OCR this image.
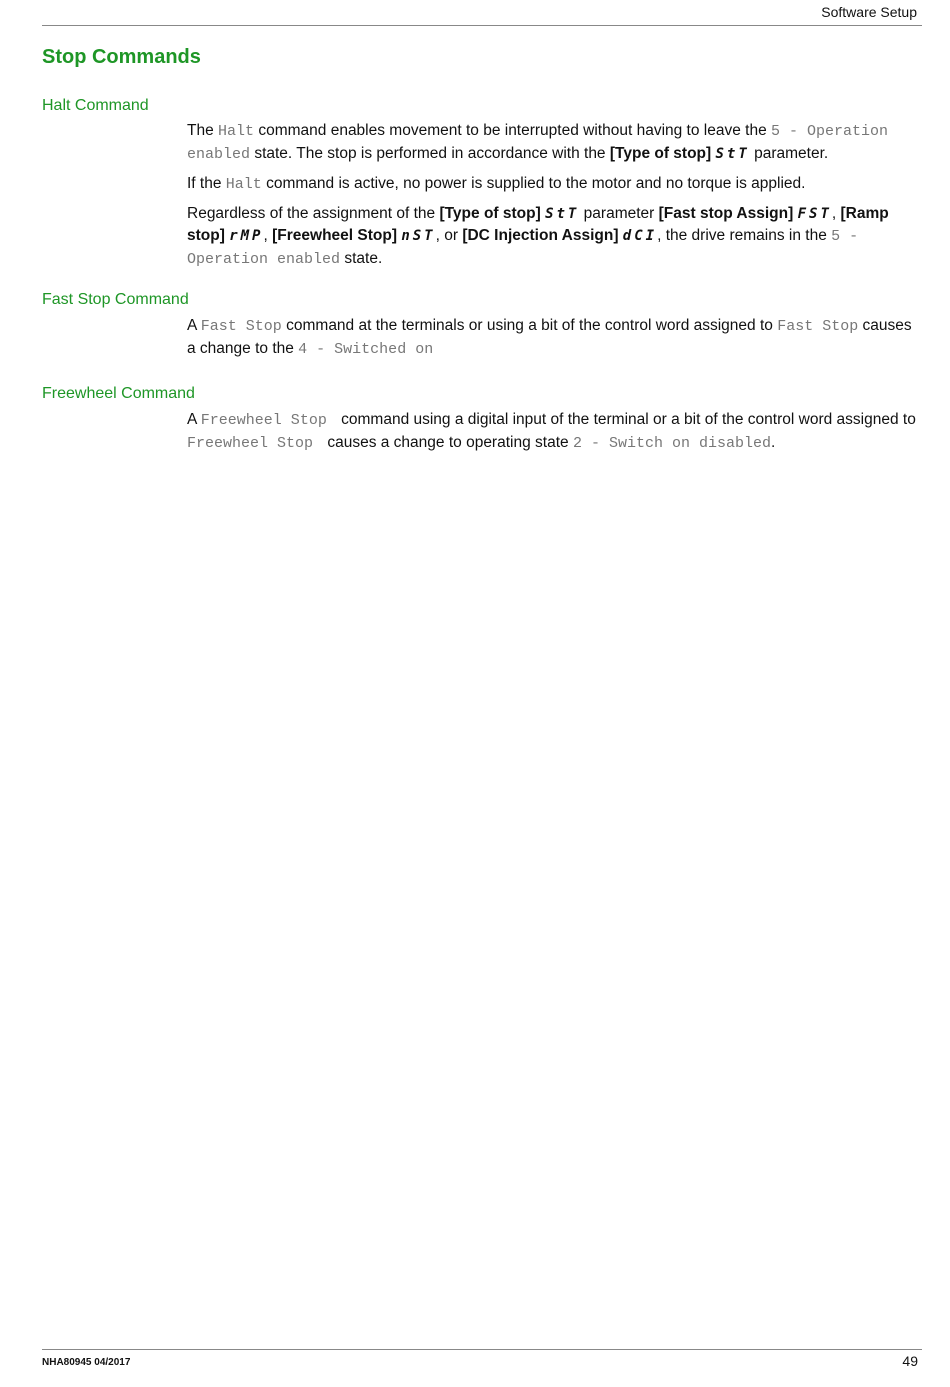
Software Setup
Stop Commands
Halt Command

The Halt command enables movement to be interrupted without having to leave the 5 - Operation enabled state. The stop is performed in accordance with the [Type of stop] StT parameter.

If the Halt command is active, no power is supplied to the motor and no torque is applied.

Regardless of the assignment of the [Type of stop] StT parameter [Fast stop Assign] FST, [Ramp stop] rMP, [Freewheel Stop] nST, or [DC Injection Assign] dCI, the drive remains in the 5 - Operation enabled state.

Fast Stop Command

A Fast Stop command at the terminals or using a bit of the control word assigned to Fast Stop causes a change to the 4 - Switched on

Freewheel Command

A Freewheel Stop command using a digital input of the terminal or a bit of the control word assigned to Freewheel Stop causes a change to operating state 2 - Switch on disabled.

NHA80945 04/2017	49
